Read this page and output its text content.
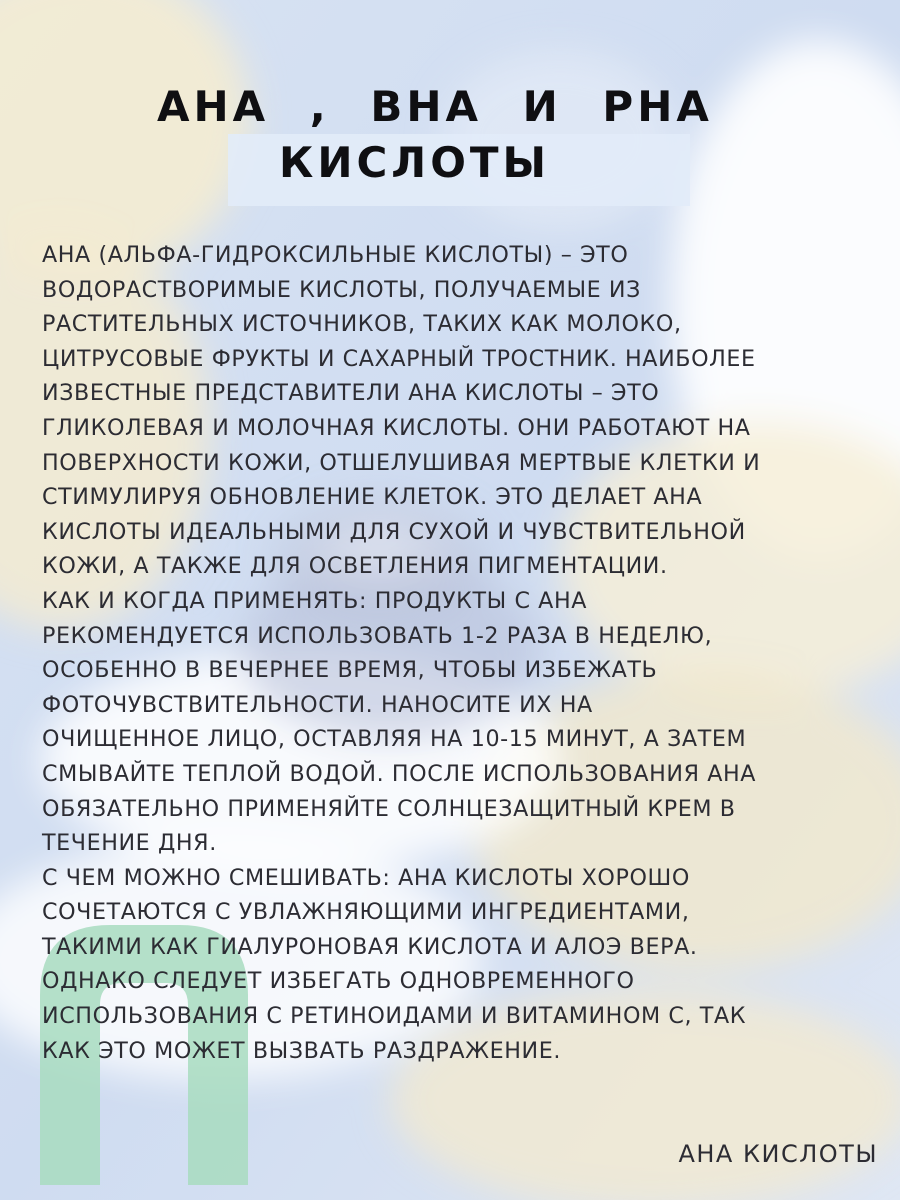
АНА , ВНА И РНА
КИСЛОТЫ
АНА (АЛЬФА-ГИДРОКСИЛЬНЫЕ КИСЛОТЫ) – ЭТО
ВОДОРАСТВОРИМЫЕ КИСЛОТЫ, ПОЛУЧАЕМЫЕ ИЗ
РАСТИТЕЛЬНЫХ ИСТОЧНИКОВ, ТАКИХ КАК МОЛОКО,
ЦИТРУСОВЫЕ ФРУКТЫ И САХАРНЫЙ ТРОСТНИК. НАИБОЛЕЕ
ИЗВЕСТНЫЕ ПРЕДСТАВИТЕЛИ АНА КИСЛОТЫ – ЭТО
ГЛИКОЛЕВАЯ И МОЛОЧНАЯ КИСЛОТЫ. ОНИ РАБОТАЮТ НА
ПОВЕРХНОСТИ КОЖИ, ОТШЕЛУШИВАЯ МЕРТВЫЕ КЛЕТКИ И
СТИМУЛИРУЯ ОБНОВЛЕНИЕ КЛЕТОК. ЭТО ДЕЛАЕТ АНА
КИСЛОТЫ ИДЕАЛЬНЫМИ ДЛЯ СУХОЙ И ЧУВСТВИТЕЛЬНОЙ
КОЖИ, А ТАКЖЕ ДЛЯ ОСВЕТЛЕНИЯ ПИГМЕНТАЦИИ.
КАК И КОГДА ПРИМЕНЯТЬ: ПРОДУКТЫ С АНА
РЕКОМЕНДУЕТСЯ ИСПОЛЬЗОВАТЬ 1-2 РАЗА В НЕДЕЛЮ,
ОСОБЕННО В ВЕЧЕРНЕЕ ВРЕМЯ, ЧТОБЫ ИЗБЕЖАТЬ
ФОТОЧУВСТВИТЕЛЬНОСТИ. НАНОСИТЕ ИХ НА
ОЧИЩЕННОЕ ЛИЦО, ОСТАВЛЯЯ НА 10-15 МИНУТ, А ЗАТЕМ
СМЫВАЙТЕ ТЕПЛОЙ ВОДОЙ. ПОСЛЕ ИСПОЛЬЗОВАНИЯ АНА
ОБЯЗАТЕЛЬНО ПРИМЕНЯЙТЕ СОЛНЦЕЗАЩИТНЫЙ КРЕМ В
ТЕЧЕНИЕ ДНЯ.
С ЧЕМ МОЖНО СМЕШИВАТЬ: АНА КИСЛОТЫ ХОРОШО
СОЧЕТАЮТСЯ С УВЛАЖНЯЮЩИМИ ИНГРЕДИЕНТАМИ,
ТАКИМИ КАК ГИАЛУРОНОВАЯ КИСЛОТА И АЛОЭ ВЕРА.
ОДНАКО СЛЕДУЕТ ИЗБЕГАТЬ ОДНОВРЕМЕННОГО
ИСПОЛЬЗОВАНИЯ С РЕТИНОИДАМИ И ВИТАМИНОМ С, ТАК
КАК ЭТО МОЖЕТ ВЫЗВАТЬ РАЗДРАЖЕНИЕ.
АНА КИСЛОТЫ
